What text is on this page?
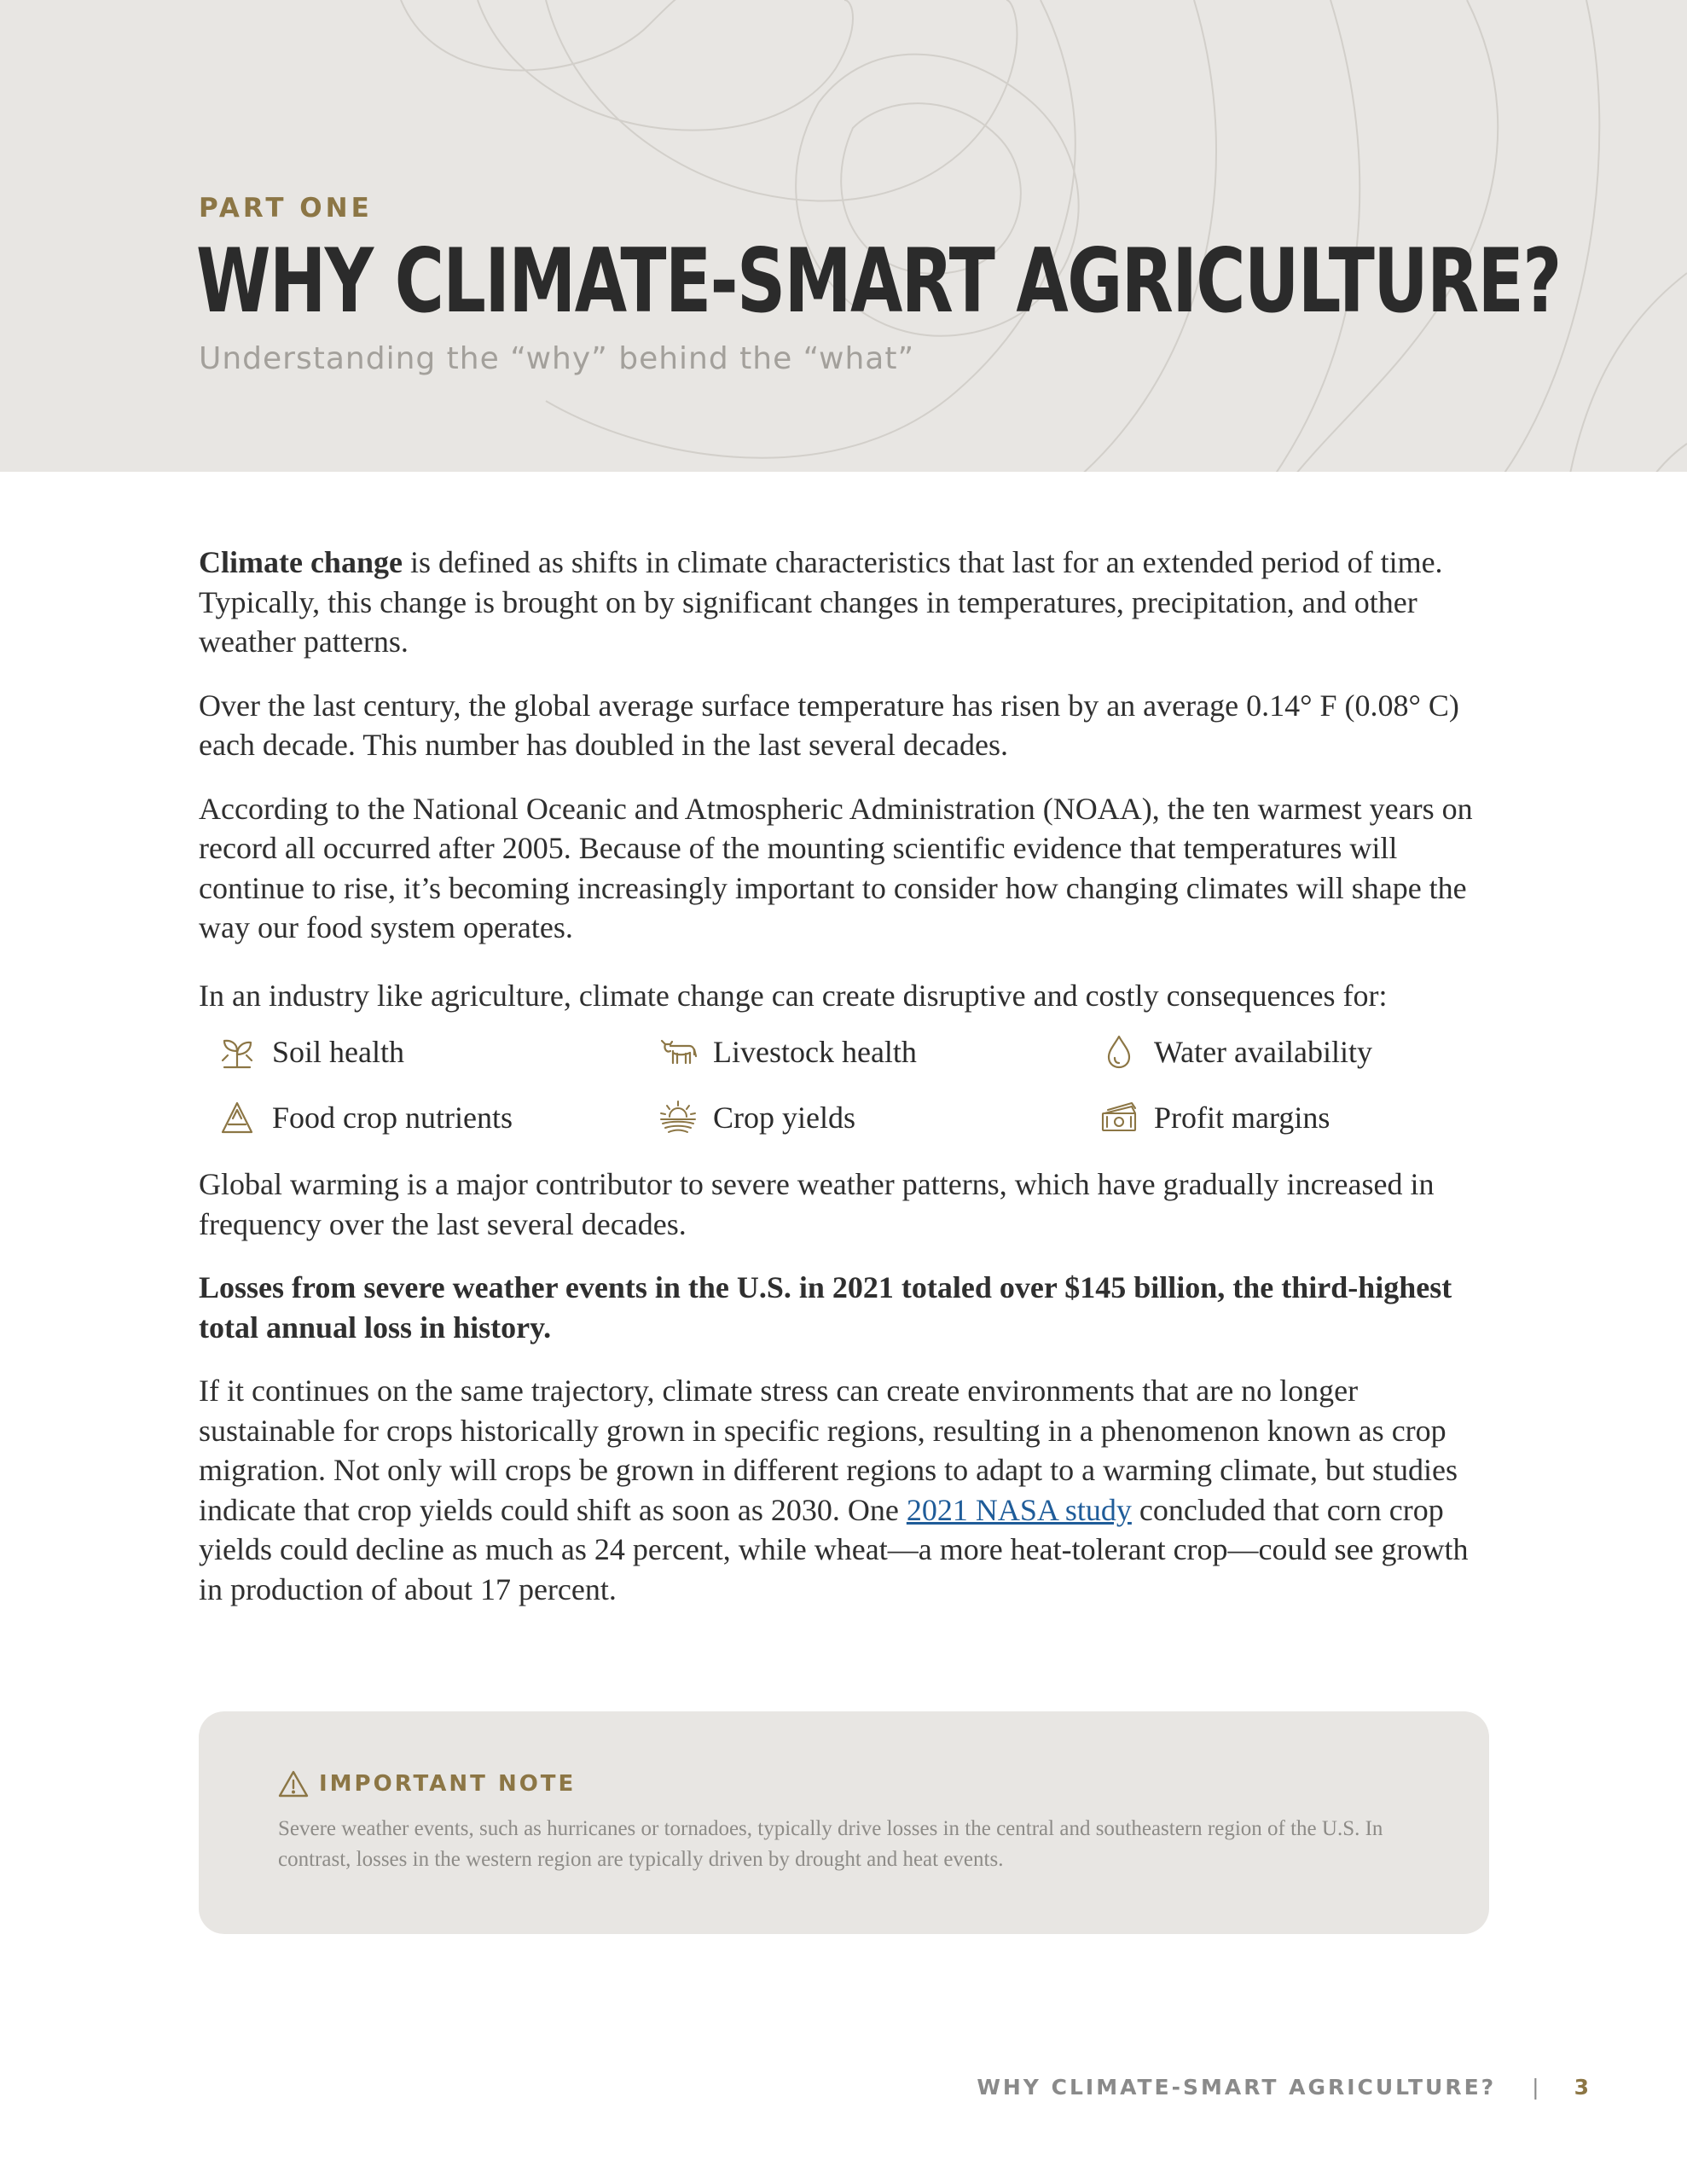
PART ONE
WHY CLIMATE-SMART AGRICULTURE?
Understanding the “why” behind the “what”

Climate change is defined as shifts in climate characteristics that last for an extended period of time. Typically, this change is brought on by significant changes in temperatures, precipitation, and other weather patterns.

Over the last century, the global average surface temperature has risen by an average 0.14° F (0.08° C) each decade. This number has doubled in the last several decades.

According to the National Oceanic and Atmospheric Administration (NOAA), the ten warmest years on record all occurred after 2005. Because of the mounting scientific evidence that temperatures will continue to rise, it’s becoming increasingly important to consider how changing climates will shape the way our food system operates.

In an industry like agriculture, climate change can create disruptive and costly consequences for:

Soil health	Livestock health	Water availability
Food crop nutrients	Crop yields	Profit margins

Global warming is a major contributor to severe weather patterns, which have gradually increased in frequency over the last several decades.

Losses from severe weather events in the U.S. in 2021 totaled over $145 billion, the third-highest total annual loss in history.

If it continues on the same trajectory, climate stress can create environments that are no longer sustainable for crops historically grown in specific regions, resulting in a phenomenon known as crop migration. Not only will crops be grown in different regions to adapt to a warming climate, but studies indicate that crop yields could shift as soon as 2030. One 2021 NASA study concluded that corn crop yields could decline as much as 24 percent, while wheat—a more heat-tolerant crop—could see growth in production of about 17 percent.

IMPORTANT NOTE
Severe weather events, such as hurricanes or tornadoes, typically drive losses in the central and southeastern region of the U.S. In contrast, losses in the western region are typically driven by drought and heat events.
WHY CLIMATE-SMART AGRICULTURE? | 3
